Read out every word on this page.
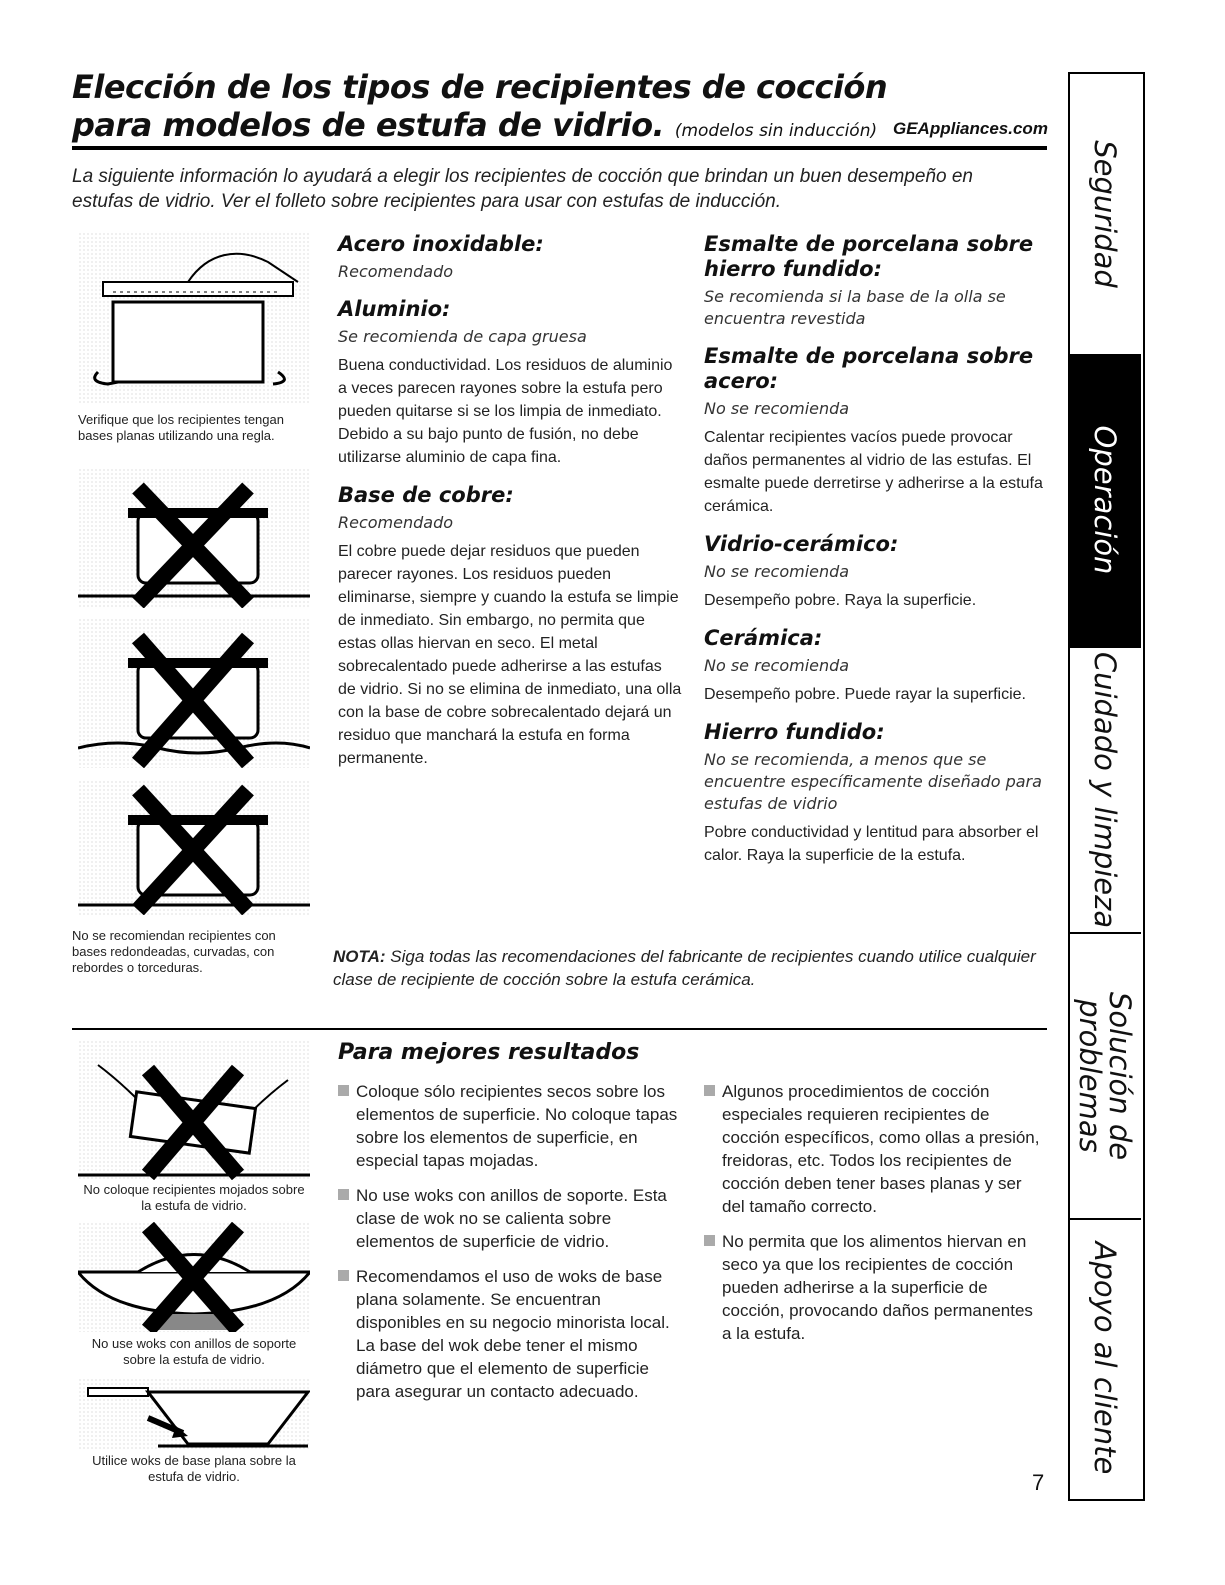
Elección de los tipos de recipientes de cocción
para modelos de estufa de vidrio. (modelos sin inducción) GEAppliances.com
La siguiente información lo ayudará a elegir los recipientes de cocción que brindan un buen desempeño en estufas de vidrio. Ver el folleto sobre recipientes para usar con estufas de inducción.
Verifique que los recipientes tengan bases planas utilizando una regla.
No se recomiendan recipientes con bases redondeadas, curvadas, con rebordes o torceduras.

Acero inoxidable:

Recomendado

Aluminio:

Se recomienda de capa gruesa

Buena conductividad. Los residuos de aluminio a veces parecen rayones sobre la estufa pero pueden quitarse si se los limpia de inmediato. Debido a su bajo punto de fusión, no debe utilizarse aluminio de capa fina.

Base de cobre:

Recomendado

El cobre puede dejar residuos que pueden parecer rayones. Los residuos pueden eliminarse, siempre y cuando la estufa se limpie de inmediato. Sin embargo, no permita que estas ollas hiervan en seco. El metal sobrecalentado puede adherirse a las estufas de vidrio. Si no se elimina de inmediato, una olla con la base de cobre sobrecalentado dejará un residuo que manchará la estufa en forma permanente.

Esmalte de porcelana sobre hierro fundido:

Se recomienda si la base de la olla se encuentra revestida

Esmalte de porcelana sobre acero:

No se recomienda

Calentar recipientes vacíos puede provocar daños permanentes al vidrio de las estufas. El esmalte puede derretirse y adherirse a la estufa cerámica.

Vidrio-cerámico:

No se recomienda

Desempeño pobre. Raya la superficie.

Cerámica:

No se recomienda

Desempeño pobre. Puede rayar la superficie.

Hierro fundido:

No se recomienda, a menos que se encuentre específicamente diseñado para estufas de vidrio

Pobre conductividad y lentitud para absorber el calor. Raya la superficie de la estufa.

NOTA: Siga todas las recomendaciones del fabricante de recipientes cuando utilice cualquier clase de recipiente de cocción sobre la estufa cerámica.
No coloque recipientes mojados sobre la estufa de vidrio.
No use woks con anillos de soporte sobre la estufa de vidrio.
Utilice woks de base plana sobre la estufa de vidrio.
Para mejores resultados
Coloque sólo recipientes secos sobre los elementos de superficie. No coloque tapas sobre los elementos de superficie, en especial tapas mojadas.
No use woks con anillos de soporte. Esta clase de wok no se calienta sobre elementos de superficie de vidrio.
Recomendamos el uso de woks de base plana solamente. Se encuentran disponibles en su negocio minorista local. La base del wok debe tener el mismo diámetro que el elemento de superficie para asegurar un contacto adecuado.
Algunos procedimientos de cocción especiales requieren recipientes de cocción específicos, como ollas a presión, freidoras, etc. Todos los recipientes de cocción deben tener bases planas y ser del tamaño correcto.
No permita que los alimentos hiervan en seco ya que los recipientes de cocción pueden adherirse a la superficie de cocción, provocando daños permanentes a la estufa.
Seguridad
Operación
Cuidado y limpieza
Solución de problemas
Apoyo al cliente
7
